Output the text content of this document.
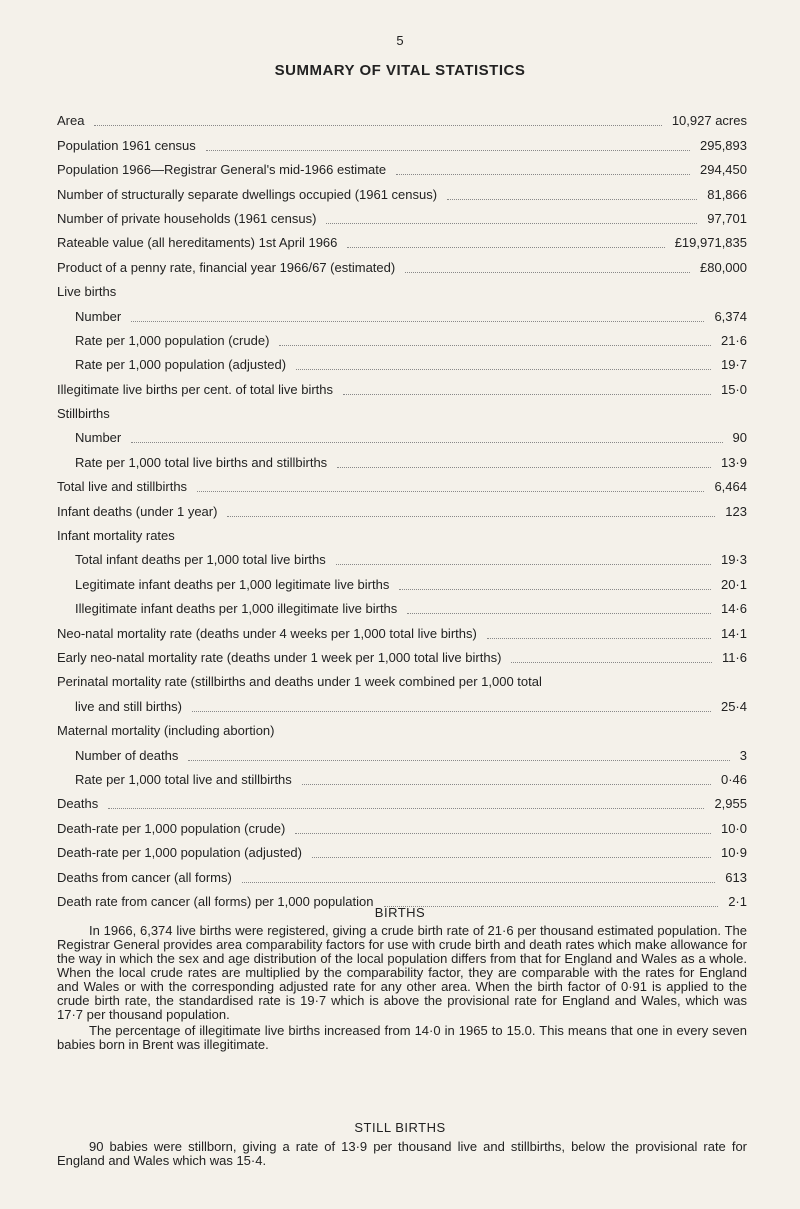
5
SUMMARY OF VITAL STATISTICS
Area	10,927 acres
Population 1961 census	295,893
Population 1966—Registrar General's mid-1966 estimate	294,450
Number of structurally separate dwellings occupied (1961 census)	81,866
Number of private households (1961 census)	97,701
Rateable value (all hereditaments) 1st April 1966	£19,971,835
Product of a penny rate, financial year 1966/67 (estimated)	£80,000
Live births
Number	6,374
Rate per 1,000 population (crude)	21·6
Rate per 1,000 population (adjusted)	19·7
Illegitimate live births per cent. of total live births	15·0
Stillbirths
Number	90
Rate per 1,000 total live births and stillbirths	13·9
Total live and stillbirths	6,464
Infant deaths (under 1 year)	123
Infant mortality rates
Total infant deaths per 1,000 total live births	19·3
Legitimate infant deaths per 1,000 legitimate live births	20·1
Illegitimate infant deaths per 1,000 illegitimate live births	14·6
Neo-natal mortality rate (deaths under 4 weeks per 1,000 total live births)	14·1
Early neo-natal mortality rate (deaths under 1 week per 1,000 total live births)	11·6
Perinatal mortality rate (stillbirths and deaths under 1 week combined per 1,000 total
live and still births)	25·4
Maternal mortality (including abortion)
Number of deaths	3
Rate per 1,000 total live and stillbirths	0·46
Deaths	2,955
Death-rate per 1,000 population (crude)	10·0
Death-rate per 1,000 population (adjusted)	10·9
Deaths from cancer (all forms)	613
Death rate from cancer (all forms) per 1,000 population	2·1
BIRTHS

In 1966, 6,374 live births were registered, giving a crude birth rate of 21·6 per thousand estimated population. The Registrar General provides area comparability factors for use with crude birth and death rates which make allowance for the way in which the sex and age distribution of the local population differs from that for England and Wales as a whole. When the local crude rates are multiplied by the comparability factor, they are comparable with the rates for England and Wales or with the corresponding adjusted rate for any other area. When the birth factor of 0·91 is applied to the crude birth rate, the standardised rate is 19·7 which is above the provisional rate for England and Wales, which was 17·7 per thousand population.

The percentage of illegitimate live births increased from 14·0 in 1965 to 15.0. This means that one in every seven babies born in Brent was illegitimate.

STILL BIRTHS

90 babies were stillborn, giving a rate of 13·9 per thousand live and stillbirths, below the provisional rate for England and Wales which was 15·4.
